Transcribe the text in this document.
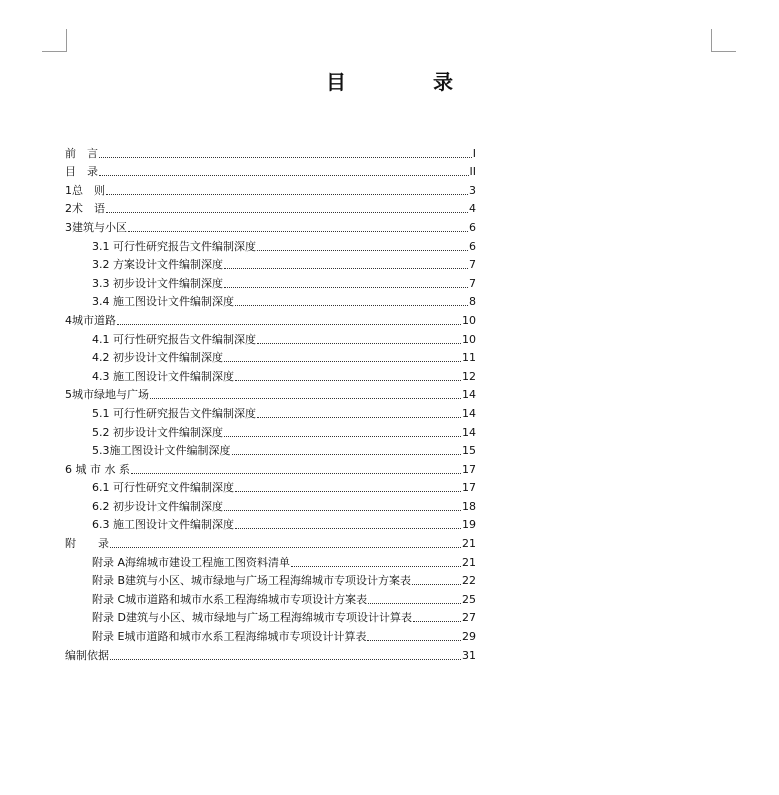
目 录
前　言	I
目　录	II
1总　则	3
2术　语	4
3建筑与小区	6
3.1 可行性研究报告文件编制深度	6
3.2 方案设计文件编制深度	7
3.3 初步设计文件编制深度	7
3.4 施工图设计文件编制深度	8
4城市道路	10
4.1 可行性研究报告文件编制深度	10
4.2 初步设计文件编制深度	11
4.3 施工图设计文件编制深度	12
5城市绿地与广场	14
5.1 可行性研究报告文件编制深度	14
5.2 初步设计文件编制深度	14
5.3施工图设计文件编制深度	15
6 城 市 水 系	17
6.1 可行性研究文件编制深度	17
6.2 初步设计文件编制深度	18
6.3 施工图设计文件编制深度	19
附　　录	21
附录 A海绵城市建设工程施工图资料清单	21
附录 B建筑与小区、城市绿地与广场工程海绵城市专项设计方案表	22
附录 C城市道路和城市水系工程海绵城市专项设计方案表	25
附录 D建筑与小区、城市绿地与广场工程海绵城市专项设计计算表	27
附录 E城市道路和城市水系工程海绵城市专项设计计算表	29
编制依据	31
